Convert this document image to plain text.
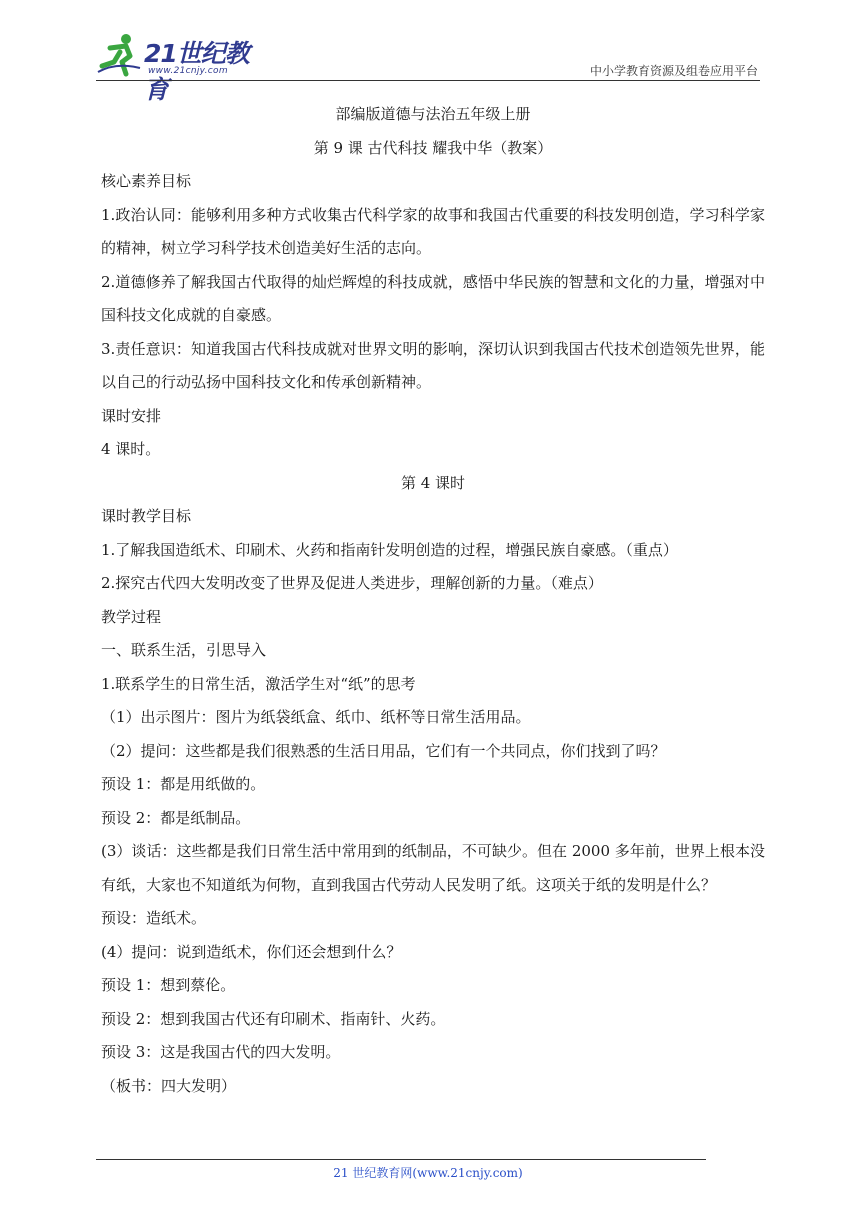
21世纪教育
www.21cnjy.com	中小学教育资源及组卷应用平台

部编版道德与法治五年级上册

第 9 课 古代科技 耀我中华（教案）

核心素养目标

1.政治认同：能够利用多种方式收集古代科学家的故事和我国古代重要的科技发明创造，学习科学家的精神，树立学习科学技术创造美好生活的志向。

2.道德修养了解我国古代取得的灿烂辉煌的科技成就，感悟中华民族的智慧和文化的力量，增强对中国科技文化成就的自豪感。

3.责任意识：知道我国古代科技成就对世界文明的影响，深切认识到我国古代技术创造领先世界，能以自己的行动弘扬中国科技文化和传承创新精神。

课时安排

4 课时。

第 4 课时

课时教学目标

1.了解我国造纸术、印刷术、火药和指南针发明创造的过程，增强民族自豪感。（重点）

2.探究古代四大发明改变了世界及促进人类进步，理解创新的力量。（难点）

教学过程

一、联系生活，引思导入

1.联系学生的日常生活，激活学生对“纸”的思考

（1）出示图片：图片为纸袋纸盒、纸巾、纸杯等日常生活用品。

（2）提问：这些都是我们很熟悉的生活日用品，它们有一个共同点，你们找到了吗？

预设 1：都是用纸做的。

预设 2：都是纸制品。

(3）谈话：这些都是我们日常生活中常用到的纸制品，不可缺少。但在 2000 多年前，世界上根本没有纸，大家也不知道纸为何物，直到我国古代劳动人民发明了纸。这项关于纸的发明是什么？

预设：造纸术。

(4）提问：说到造纸术，你们还会想到什么？

预设 1：想到蔡伦。

预设 2：想到我国古代还有印刷术、指南针、火药。

预设 3：这是我国古代的四大发明。

（板书：四大发明）

21 世纪教育网(www.21cnjy.com)
